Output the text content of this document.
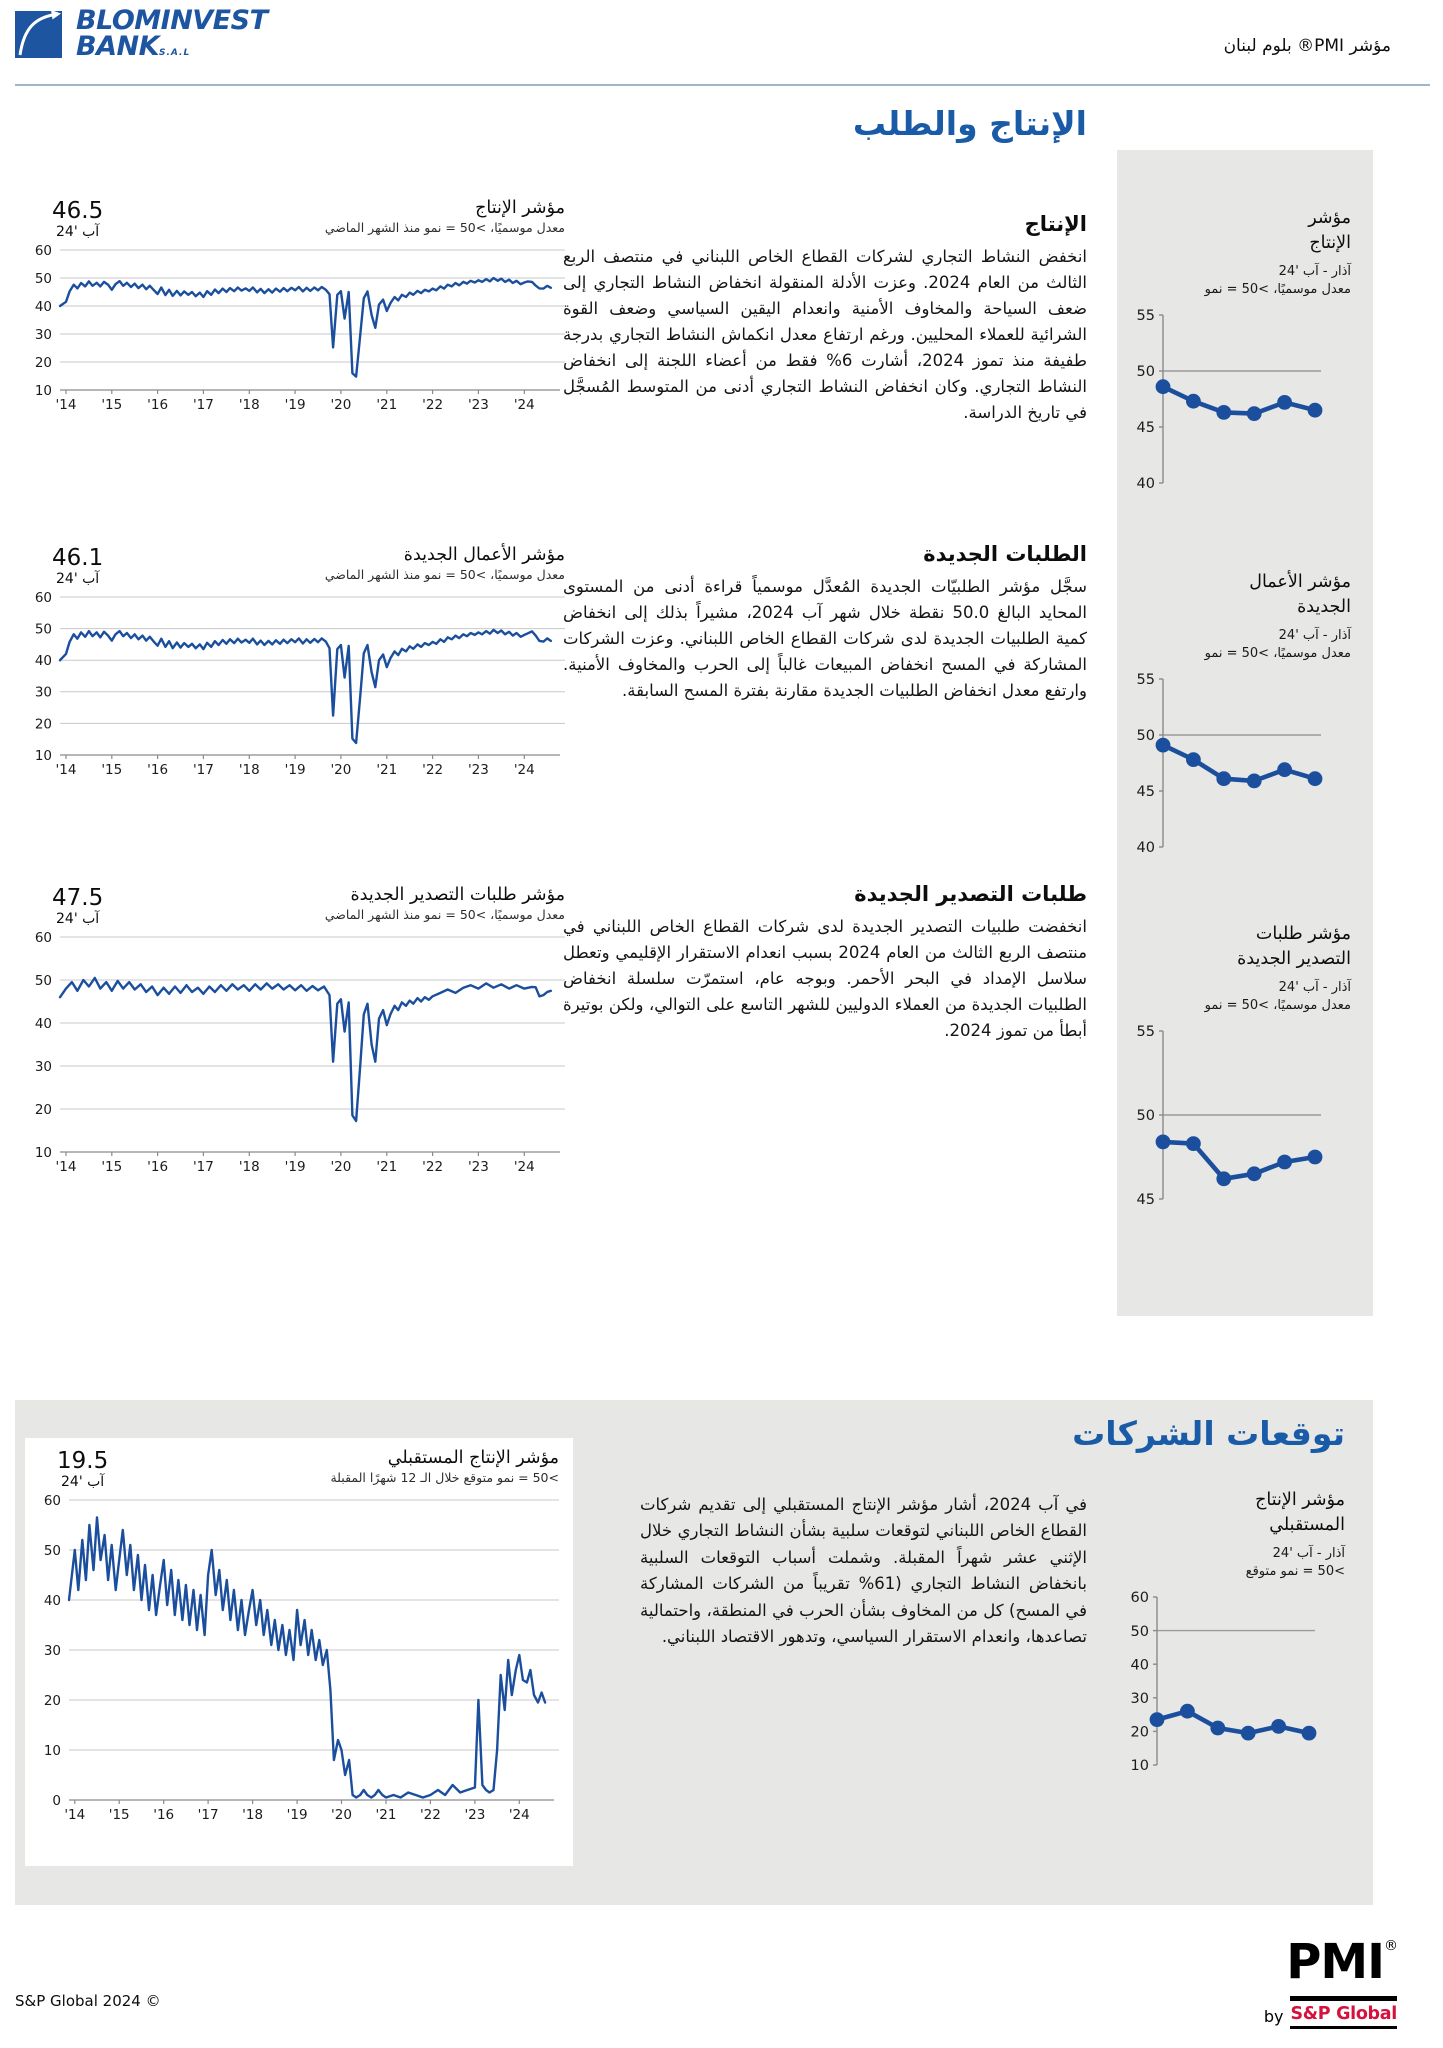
BLOMINVEST
BANKS.A.L	مؤشر PMI® بلوم لبنان
الإنتاج والطلب
الإنتاج

انخفض النشاط التجاري لشركات القطاع الخاص اللبناني في منتصف الربع الثالث من العام 2024. وعزت الأدلة المنقولة انخفاض النشاط التجاري إلى ضعف السياحة والمخاوف الأمنية وانعدام اليقين السياسي وضعف القوة الشرائية للعملاء المحليين. ورغم ارتفاع معدل انكماش النشاط التجاري بدرجة طفيفة منذ تموز 2024، أشارت 6% فقط من أعضاء اللجنة إلى انخفاض النشاط التجاري. وكان انخفاض النشاط التجاري أدنى من المتوسط المُسجَّل في تاريخ الدراسة.

الطلبات الجديدة

سجَّل مؤشر الطلبيّات الجديدة المُعدَّل موسمياً قراءة أدنى من المستوى المحايد البالغ 50.0 نقطة خلال شهر آب 2024، مشيراً بذلك إلى انخفاض كمية الطلبيات الجديدة لدى شركات القطاع الخاص اللبناني. وعزت الشركات المشاركة في المسح انخفاض المبيعات غالباً إلى الحرب والمخاوف الأمنية. وارتفع معدل انخفاض الطلبيات الجديدة مقارنة بفترة المسح السابقة.

طلبات التصدير الجديدة

انخفضت طلبيات التصدير الجديدة لدى شركات القطاع الخاص اللبناني في منتصف الربع الثالث من العام 2024 بسبب انعدام الاستقرار الإقليمي وتعطل سلاسل الإمداد في البحر الأحمر. وبوجه عام، استمرّت سلسلة انخفاض الطلبيات الجديدة من العملاء الدوليين للشهر التاسع على التوالي، ولكن بوتيرة أبطأ من تموز 2024.

46.5
آب '24
مؤشر الإنتاج
معدل موسميًا، >50 = نمو منذ الشهر الماضي
60
50
40
30
20
10
'14 '15 '16 '17 '18 '19 '20 '21 '22 '23 '24
46.1
آب '24
مؤشر الأعمال الجديدة
معدل موسميًا، >50 = نمو منذ الشهر الماضي
60
50
40
30
20
10
'14 '15 '16 '17 '18 '19 '20 '21 '22 '23 '24
47.5
آب '24
مؤشر طلبات التصدير الجديدة
معدل موسميًا، >50 = نمو منذ الشهر الماضي
60
50
40
30
20
10
'14 '15 '16 '17 '18 '19 '20 '21 '22 '23 '24
مؤشر
الإنتاج
آذار - آب '24
معدل موسميًا، >50 = نمو
55
50
45
40
مؤشر الأعمال
الجديدة
آذار - آب '24
معدل موسميًا، >50 = نمو
55
50
45
40
مؤشر طلبات
التصدير الجديدة
آذار - آب '24
معدل موسميًا، >50 = نمو
55
50
45
توقعات الشركات
في آب 2024، أشار مؤشر الإنتاج المستقبلي إلى تقديم شركات القطاع الخاص اللبناني لتوقعات سلبية بشأن النشاط التجاري خلال الإثني عشر شهراً المقبلة. وشملت أسباب التوقعات السلبية بانخفاض النشاط التجاري (61% تقريباً من الشركات المشاركة في المسح) كل من المخاوف بشأن الحرب في المنطقة، واحتمالية تصاعدها، وانعدام الاستقرار السياسي، وتدهور الاقتصاد اللبناني.
مؤشر الإنتاج
المستقبلي
آذار - آب '24
>50 = نمو متوقع
60
50
40
30
20
10
19.5
آب '24
مؤشر الإنتاج المستقبلي
>50 = نمو متوقع خلال الـ 12 شهرًا المقبلة
60
50
40
30
20
10
0
'14 '15 '16 '17 '18 '19 '20 '21 '22 '23 '24
S&P Global 2024 ©
PMI®
by S&P Global
